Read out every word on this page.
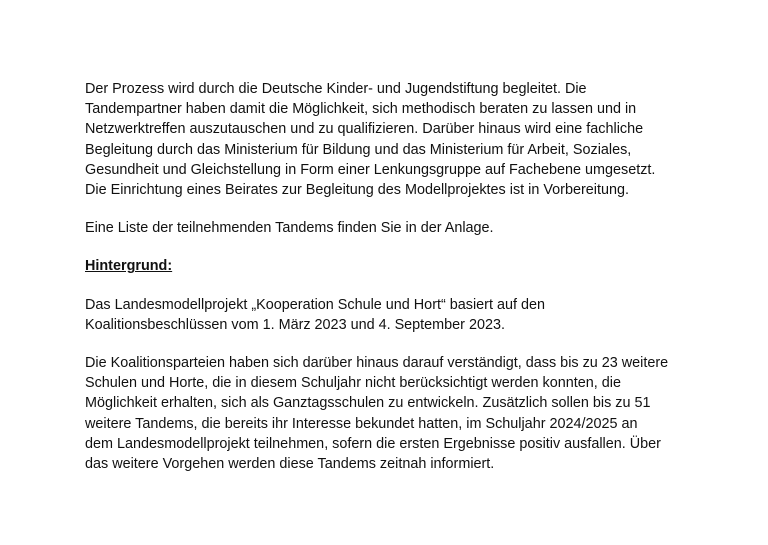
Der Prozess wird durch die Deutsche Kinder- und Jugendstiftung begleitet. Die
Tandempartner haben damit die Möglichkeit, sich methodisch beraten zu lassen und in
Netzwerktreffen auszutauschen und zu qualifizieren. Darüber hinaus wird eine fachliche
Begleitung durch das Ministerium für Bildung und das Ministerium für Arbeit, Soziales,
Gesundheit und Gleichstellung in Form einer Lenkungsgruppe auf Fachebene umgesetzt.
Die Einrichtung eines Beirates zur Begleitung des Modellprojektes ist in Vorbereitung.

Eine Liste der teilnehmenden Tandems finden Sie in der Anlage.

Hintergrund:

Das Landesmodellprojekt „Kooperation Schule und Hort“ basiert auf den
Koalitionsbeschlüssen vom 1. März 2023 und 4. September 2023.

Die Koalitionsparteien haben sich darüber hinaus darauf verständigt, dass bis zu 23 weitere
Schulen und Horte, die in diesem Schuljahr nicht berücksichtigt werden konnten, die
Möglichkeit erhalten, sich als Ganztagsschulen zu entwickeln. Zusätzlich sollen bis zu 51
weitere Tandems, die bereits ihr Interesse bekundet hatten, im Schuljahr 2024/2025 an
dem Landesmodellprojekt teilnehmen, sofern die ersten Ergebnisse positiv ausfallen. Über
das weitere Vorgehen werden diese Tandems zeitnah informiert.
